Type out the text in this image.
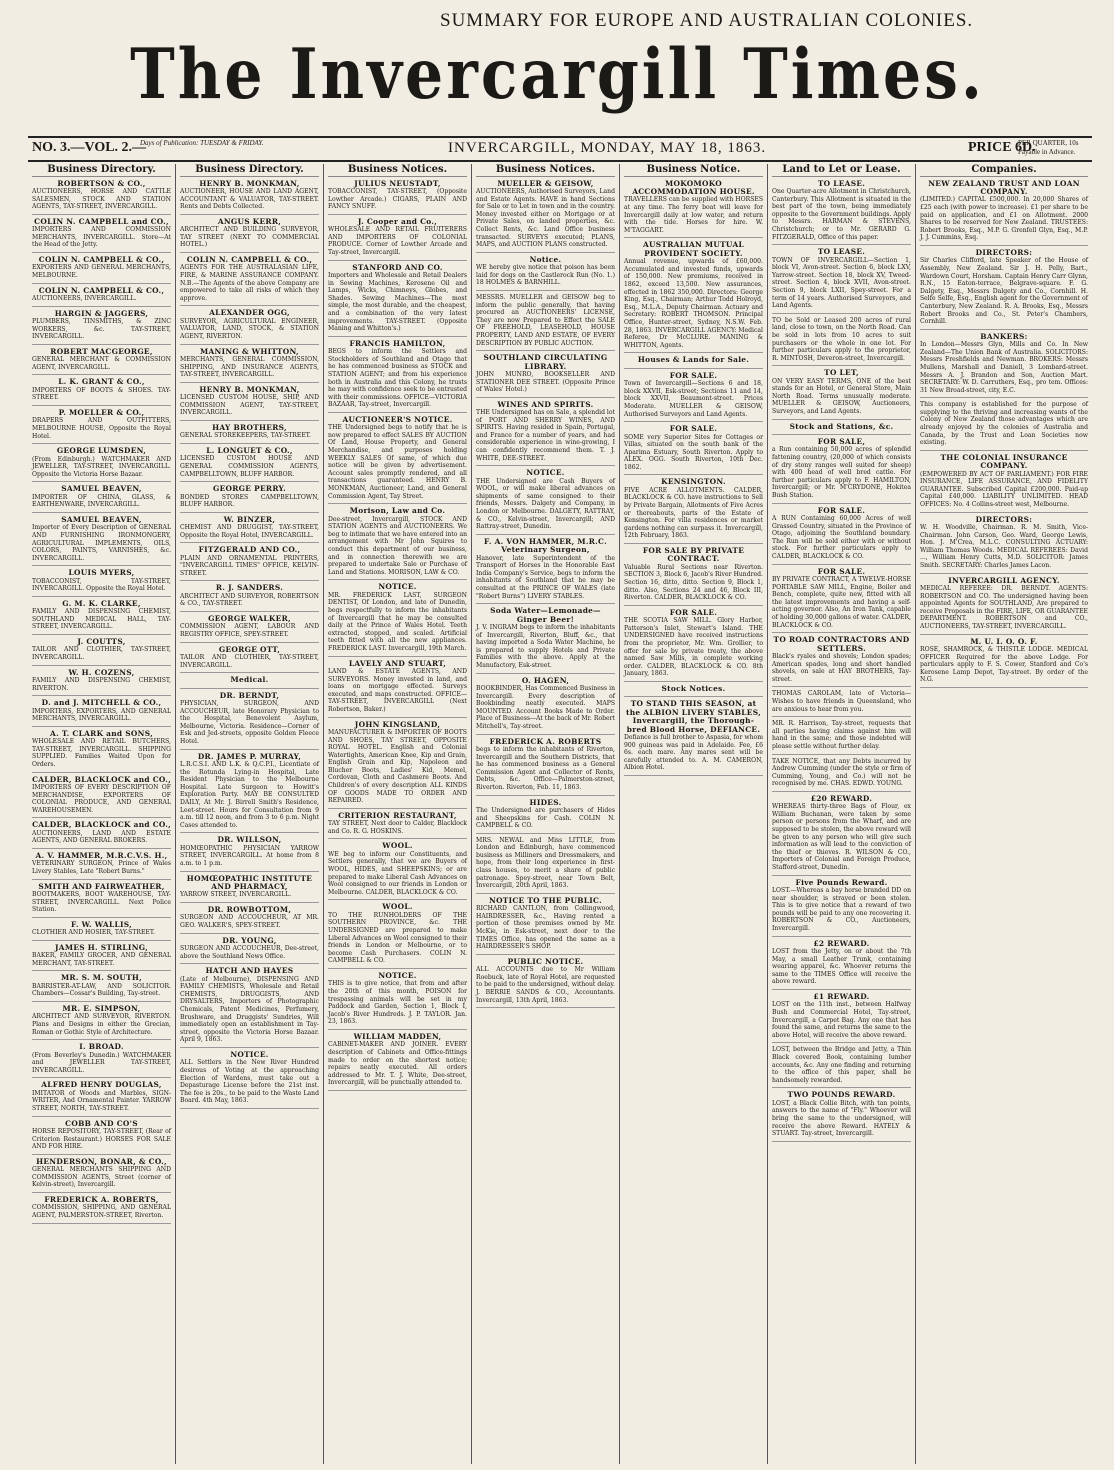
SUMMARY FOR EUROPE AND AUSTRALIAN COLONIES.
The Invercargill Times.
NO. 3.—VOL. 2.—
Days of Publication: TUESDAY & FRIDAY.	INVERCARGILL, MONDAY, MAY 18, 1863.	PRICE 6D.
PER QUARTER, 10s Payable in Advance.
Business Directory.
ROBERTSON & CO.,
AUCTIONEERS, HORSE AND CATTLE SALESMEN, STOCK AND STATION AGENTS, TAY-STREET, INVERCARGILL.
COLIN N. CAMPBELL and CO.,
IMPORTERS AND COMMISSION MERCHANTS, INVERCARGILL. Store—At the Head of the Jetty.
COLIN N. CAMPBELL & CO.,
EXPORTERS AND GENERAL MERCHANTS, MELBOURNE.
COLIN N. CAMPBELL & CO.,
AUCTIONEERS, INVERCARGILL.
HARGIN & JAGGERS,
PLUMBERS, TINSMITHS, & ZINC WORKERS, &c. TAY-STREET, INVERCARGILL.
ROBERT MACGEORGE,
GENERAL MERCHANT & COMMISSION AGENT, INVERCARGILL.
L. K. GRANT & CO.,
IMPORTERS OF BOOTS & SHOES. TAY-STREET.
P. MOELLER & CO.,
DRAPERS AND OUTFITTERS, MELBOURNE HOUSE, Opposite the Royal Hotel.
GEORGE LUMSDEN,
(From Edinburgh.) WATCHMAKER AND JEWELLER, TAY-STREET, INVERCARGILL. Opposite the Victoria Horse Bazaar.
SAMUEL BEAVEN,
IMPORTER OF CHINA, GLASS, & EARTHENWARE, INVERCARGILL.
SAMUEL BEAVEN,
Importer of Every Description of GENERAL AND FURNISHING IRONMONGERY, AGRICULTURAL IMPLEMENTS, OILS, COLORS, PAINTS, VARNISHES, &c. INVERCARGILL.
LOUIS MYERS,
TOBACCONIST, TAY-STREET, INVERCARGILL. Opposite the Royal Hotel.
G. M. K. CLARKE,
FAMILY AND DISPENSING CHEMIST, SOUTHLAND MEDICAL HALL, TAY-STREET, INVERCARGILL.
J. COUTTS,
TAILOR AND CLOTHIER, TAY-STREET, INVERCARGILL.
W. H. COZENS,
FAMILY AND DISPENSING CHEMIST, RIVERTON.
D. and J. MITCHELL & CO.,
IMPORTERS, EXPORTERS, AND GENERAL MERCHANTS, INVERCARGILL.
A. T. CLARK and SONS,
WHOLESALE AND RETAIL BUTCHERS, TAY-STREET, INVERCARGILL. SHIPPING SUPPLIED. Families Waited Upon for Orders.
CALDER, BLACKLOCK and CO.,
IMPORTERS OF EVERY DESCRIPTION OF MERCHANDISE, EXPORTERS OF COLONIAL PRODUCE, AND GENERAL WAREHOUSEMEN.
CALDER, BLACKLOCK and CO.,
AUCTIONEERS, LAND AND ESTATE AGENTS, AND GENERAL BROKERS.
A. V. HAMMER, M.R.C.V.S. H.,
VETERINARY SURGEON, Prince of Wales Livery Stables, Late "Robert Burns."
SMITH AND FAIRWEATHER,
BOOTMAKERS, BOOT WAREHOUSE, TAY-STREET, INVERCARGILL. Next Police Station.
F. W. WALLIS,
CLOTHIER AND HOSIER, TAY-STREET.
JAMES H. STIRLING,
BAKER, FAMILY GROCER, AND GENERAL MERCHANT, TAY-STREET.
MR. S. M. SOUTH,
BARRISTER-AT-LAW, AND SOLICITOR. Chambers—Cossar's Building, Tay-street.
MR. E. SIMPSON,
ARCHITECT AND SURVEYOR, RIVERTON. Plans and Designs in either the Grecian, Roman or Gothic Style of Architecture.
I. BROAD.
(From Beverley's Dunedin.) WATCHMAKER and JEWELLER TAY-STREET, INVERCARGILL.
ALFRED HENRY DOUGLAS,
IMITATOR of Woods and Marbles, SIGN-WRITER, And Ornamental Painter. YARROW STREET, NORTH, TAY-STREET.
COBB AND CO'S
HORSE REPOSITORY, TAY-STREET, (Rear of Criterion Restaurant.) HORSES FOR SALE AND FOR HIRE.
HENDERSON, BONAR, & CO.,
GENERAL MERCHANTS SHIPPING AND COMMISSION AGENTS, Street (corner of Kelvin-street), Invercargill.
FREDERICK A. ROBERTS,
COMMISSION, SHIPPING, AND GENERAL AGENT, PALMERSTON-STREET, Riverton.
Business Directory.
HENRY B. MONKMAN,
AUCTIONEER, HOUSE AND LAND AGENT, ACCOUNTANT & VALUATOR, TAY-STREET. Rents and Debts Collected.
ANGUS KERR,
ARCHITECT AND BUILDING SURVEYOR, TAY STREET (NEXT TO COMMERCIAL HOTEL.)
COLIN N. CAMPBELL & CO.,
AGENTS FOR THE AUSTRALASIAN LIFE, FIRE, & MARINE ASSURANCE COMPANY. N.B.—The Agents of the above Company are empowered to take all risks of which they approve.
ALEXANDER OGG,
SURVEYOR, AGRICULTURAL ENGINEER, VALUATOR, LAND, STOCK, & STATION AGENT, RIVERTON.
MANING & WHITTON,
MERCHANTS, GENERAL COMMISSION, SHIPPING, AND INSURANCE AGENTS, TAY-STREET, INVERCARGILL.
HENRY B. MONKMAN,
LICENSED CUSTOM HOUSE, SHIP, AND COMMISSION AGENT, TAY-STREET, INVERCARGILL.
HAY BROTHERS,
GENERAL STOREKEEPERS, TAY-STREET.
L. LONGUET & CO.,
LICENSED CUSTOM HOUSE AND GENERAL COMMISSION AGENTS, CAMPBELLTOWN, BLUFF HARBOR.
GEORGE PERRY.
BONDED STORES CAMPBELLTOWN, BLUFF HARBOR.
W. BINZER,
CHEMIST AND DRUGGIST, TAY-STREET, Opposite the Royal Hotel, INVERCARGILL.
FITZGERALD AND CO.,
PLAIN AND ORNAMENTAL PRINTERS, "INVERCARGILL TIMES" OFFICE, KELVIN-STREET.
R. J. SANDERS.
ARCHITECT AND SURVEYOR, ROBERTSON & CO., TAY-STREET.
GEORGE WALKER,
COMMISSION AGENT, LABOUR AND REGISTRY OFFICE, SPEY-STREET.
GEORGE OTT,
TAILOR AND CLOTHIER, TAY-STREET, INVERCARGILL.
Medical.
DR. BERNDT,
PHYSICIAN, SURGEON, AND ACCOUCHEUR, late Honorary Physician to the Hospital, Benevolent Asylum, Melbourne, Victoria. Residence—Corner of Esk and Jed-streets, opposite Golden Fleece Hotel.
DR. JAMES P. MURRAY,
L.R.C.S.I. AND L.K. & Q.C.P.I., Licentiate of the Rotunda Lying-in Hospital, Late Resident Physician to the Melbourne Hospital. Late Surgeon to Howitt's Exploration Party. MAY BE CONSULTED DAILY, At Mr. J. Birrell Smith's Residence, Leet-street. Hours for Consultation from 9 a.m. till 12 noon, and from 3 to 6 p.m. Night Cases attended to.
DR. WILLSON,
HOMŒOPATHIC PHYSICIAN YARROW STREET, INVERCARGILL. At home from 8 a.m. to 1 p.m.
HOMŒOPATHIC INSTITUTE AND PHARMACY,
YARROW STREET, INVERCARGILL.
DR. ROWBOTTOM,
SURGEON AND ACCOUCHEUR, AT MR. GEO. WALKER'S, SPEY-STREET.
DR. YOUNG,
SURGEON AND ACCOUCHEUR, Dee-street, above the Southland News Office.
HATCH AND HAYES
(Late of Melbourne), DISPENSING AND FAMILY CHEMISTS, Wholesale and Retail CHEMISTS, DRUGGISTS, AND DRYSALTERS, Importers of Photographic Chemicals, Patent Medicines, Perfumery, Brushware, and Druggists' Sundries, Will immediately open an establishment in Tay-street, opposite the Victoria Horse Bazaar. April 9, 1863.
NOTICE.
ALL Settlers in the New River Hundred desirous of Voting at the approaching Election of Wardens, must take out a Depasturage License before the 21st inst. The fee is 20s., to be paid to the Waste Land Board. 4th May, 1863.
Business Notices.
JULIUS NEUSTADT,
TOBACCONIST, TAY-STREET, (Opposite Lowther Arcade.) CIGARS, PLAIN AND FANCY SNUFF.
J. Cooper and Co.,
WHOLESALE AND RETAIL FRUITERERS AND IMPORTERS OF COLONIAL PRODUCE. Corner of Lowther Arcade and Tay-street, Invercargill.
STANFORD AND CO.
Importers and Wholesale and Retail Dealers in Sewing Machines, Kerosene Oil and Lamps, Wicks, Chimneys, Globes, and Shades. Sewing Machines—The most simple, the most durable, and the cheapest, and a combination of the very latest improvements. TAY-STREET. (Opposite Maning and Whitton's.)
FRANCIS HAMILTON,
BEGS to inform the Settlers and Stockholders of Southland and Otago that he has commenced business as STOCK and STATION AGENT; and from his experience both in Australia and this Colony, he trusts he may with confidence seek to be entrusted with their commissions. OFFICE—VICTORIA BAZAAR, Tay-street, Invercargill.
AUCTIONEER'S NOTICE.
THE Undersigned begs to notify that he is now prepared to effect SALES BY AUCTION Of Land, House Property, and General Merchandise, and purposes holding WEEKLY SALES Of same, of which due notice will be given by advertisement. Account sales promptly rendered, and all transactions guaranteed. HENRY B. MONKMAN, Auctioneer, Land, and General Commission Agent, Tay Street.
Morison, Law and Co.
Dee-street, Invercargill, STOCK AND STATION AGENTS and AUCTIONEERS. We beg to intimate that we have entered into an arrangement with Mr John Squires to conduct this department of our business, and in connection therewith we are prepared to undertake Sale or Purchase of Land and Stations. MORISON, LAW & CO.
NOTICE.
MR. FREDERICK LAST, SURGEON DENTIST, Of London, and late of Dunedin, begs respectfully to inform the inhabitants of Invercargill that he may be consulted daily at the Prince of Wales Hotel. Teeth extracted, stopped, and scaled. Artificial teeth fitted with all the new appliances. FREDERICK LAST. Invercargill, 19th March.
LAVELY AND STUART,
LAND & ESTATE AGENTS, AND SURVEYORS. Money invested in land, and loans on mortgage effected. Surveys executed, and maps constructed. OFFICE—TAY-STREET, INVERCARGILL (Next Robertson, Baker.)
JOHN KINGSLAND,
MANUFACTURER & IMPORTER OF BOOTS AND SHOES, TAY STREET, OPPOSITE ROYAL HOTEL. English and Colonial Watertights, American Knee, Kip and Grain, English Grain and Kip, Napoleon and Blucher Boots, Ladies' Kid, Memel, Cordovan, Cloth and Cashmere Boots. And Children's of every description ALL KINDS OF GOODS MADE TO ORDER AND REPAIRED.
CRITERION RESTAURANT,
TAY STREET, Next door to Calder, Blacklock and Co. R. G. HOSKINS.
WOOL.
WE beg to inform our Constituents, and Settlers generally, that we are Buyers of WOOL, HIDES, and SHEEPSKINS; or are prepared to make Liberal Cash Advances on Wool consigned to our friends in London or Melbourne. CALDER, BLACKLOCK & CO.
WOOL.
TO THE RUNHOLDERS OF THE SOUTHERN PROVINCE, &c. THE UNDERSIGNED are prepared to make Liberal Advances on Wool consigned to their friends in London or Melbourne, or to become Cash Purchasers. COLIN N. CAMPBELL & CO.
NOTICE.
THIS is to give notice, that from and after the 20th of this month, POISON for trespassing animals will be set in my Paddock and Garden, Section 1, Block I, Jacob's River Hundreds. J. P. TAYLOR. Jan. 23, 1863.
WILLIAM MADDEN,
CABINET-MAKER AND JOINER. EVERY description of Cabinets and Office-fittings made to order on the shortest notice; repairs neatly executed. All orders addressed to Mr. T. J. White, Dee-street, Invercargill, will be punctually attended to.
Business Notices.
MUELLER & GEISOW,
AUCTIONEERS, Authorised Surveyors, Land and Estate Agents. HAVE in hand Sections for Sale or to Let in town and in the country. Money invested either on Mortgage or at Private Sales, on landed properties, &c. Collect Rents, &c. Land Office business transacted. SURVEYS executed; PLANS, MAPS, and AUCTION PLANS constructed.
Notice.
WE hereby give notice that poison has been laid for dogs on the Castlerock Run (No. 1.) 18 HOLMES & BARNHILL.
MESSRS. MUELLER and GEISOW beg to inform the public generally, that having procured an AUCTIONEERS' LICENSE, They are now Prepared to Effect the SALE OF FREEHOLD, LEASEHOLD, HOUSE PROPERTY, LAND AND ESTATE, OF EVERY DESCRIPTION BY PUBLIC AUCTION.
SOUTHLAND CIRCULATING LIBRARY.
JOHN MUNRO, BOOKSELLER AND STATIONER DEE STREET. (Opposite Prince of Wales' Hotel.)
WINES AND SPIRITS.
THE Undersigned has on Sale, a splendid lot of PORT AND SHERRY WINES, AND SPIRITS. Having resided in Spain, Portugal, and France for a number of years, and had considerable experience in wine-growing, I can confidently recommend them. T. J. WHITE, DEE-STREET.
NOTICE.
THE Undersigned are Cash Buyers of WOOL, or will make liberal advances on shipments of same consigned to their friends, Messrs. Dalgety and Company, in London or Melbourne. DALGETY, RATTRAY, & CO., Kelvin-street, Invercargill; AND Rattray-street, Dunedin.
F. A. VON HAMMER, M.R.C. Veterinary Surgeon,
Hanover, late Superintendent of the Transport of Horses in the Honorable East India Company's Service, begs to inform the inhabitants of Southland that he may be consulted at the PRINCE OF WALES (late "Robert Burns") LIVERY STABLES.
Soda Water—Lemonade—Ginger Beer!
J. V. INGRAM begs to inform the inhabitants of Invercargill, Riverton, Bluff, &c., that having imported a Soda Water Machine, he is prepared to supply Hotels and Private Families with the above. Apply at the Manufactory, Esk-street.
O. HAGEN,
BOOKBINDER, Has Commenced Business in Invercargill. Every description of Bookbinding neatly executed. MAPS MOUNTED. Account Books Made to Order. Place of Business—At the back of Mr. Robert Mitchell's, Tay-street.
FREDERICK A. ROBERTS
begs to inform the inhabitants of Riverton, Invercargill and the Southern Districts, that he has commenced business as a General Commission Agent and Collector of Rents, Debts, &c. Office—Palmerston-street, Riverton. Riverton, Feb. 11, 1863.
HIDES.
The Undersigned are purchasers of Hides and Sheepskins for Cash. COLIN N. CAMPBELL & CO.
MRS. NEWAL and Miss LITTLE, from London and Edinburgh, have commenced business as Milliners and Dressmakers, and hope, from their long experience in first-class houses, to merit a share of public patronage. Spey-street, near Town Belt, Invercargill, 20th April, 1863.
NOTICE TO THE PUBLIC.
RICHARD CANTLON, from Collingwood, HAIRDRESSER, &c., Having rented a portion of those premises owned by Mr. McKie, in Esk-street, next door to the TIMES Office, has opened the same as a HAIRDRESSER'S SHOP.
PUBLIC NOTICE.
ALL ACCOUNTS due to Mr William Roebuck, late of Royal Hotel, are requested to be paid to the undersigned, without delay. J. BERRIE SANDS & CO., Accountants. Invercargill, 13th April, 1863.
Business Notice.
MOKOMOKO ACCOMMODATION HOUSE.
TRAVELLERS can be supplied with HORSES at any time. The ferry boat will leave for Invercargill daily at low water, and return with the tide. Horses for hire. W. M'TAGGART.
AUSTRALIAN MUTUAL PROVIDENT SOCIETY.
Annual revenue, upwards of £60,000. Accumulated and invested funds, upwards of 150,000. New premiums, received in 1862, exceed 13,500. New assurances, effected in 1862 350,000. Directors: George King, Esq., Chairman; Arthur Todd Holroyd, Esq., M.L.A., Deputy Chairman. Actuary and Secretary: ROBERT THOMSON. Principal Office, Hunter-street, Sydney, N.S.W. Feb. 28, 1863. INVERCARGILL AGENCY: Medical Referee, Dr McCLURE. MANING & WHITTON, Agents.
Houses & Lands for Sale.
FOR SALE.
Town of Invercargill—Sections 6 and 18, block XXVII, Esk-street; Sections 11 and 14, block XXVII, Beaumont-street. Prices Moderate. MUELLER & GEISOW, Authorised Surveyors and Land Agents.
FOR SALE.
SOME very Superior Sites for Cottages or Villas, situated on the south bank of the Aparima Estuary, South Riverton. Apply to ALEX. OGG. South Riverton, 10th Dec. 1862.
KENSINGTON.
FIVE ACRE ALLOTMENTS. CALDER, BLACKLOCK & CO. have instructions to Sell by Private Bargain, Allotments of Five Acres or thereabouts, parts of the Estate of Kensington. For villa residences or market gardens nothing can surpass it. Invercargill, 12th February, 1863.
FOR SALE BY PRIVATE CONTRACT.
Valuable Rural Sections near Riverton. SECTION 3, Block 6, Jacob's River Hundred. Section 16, ditto, ditto. Section 9, Block 1, ditto. Also, Sections 24 and 46, Block III, Riverton. CALDER, BLACKLOCK & CO.
FOR SALE.
THE SCOTIA SAW MILL. Glory Harbor, Patterson's Inlet, Stewart's Island. THE UNDERSIGNED have received instructions from the proprietor, Mr. Wm. Grollier, to offer for sale by private treaty, the above named Saw Mills, in complete working order. CALDER, BLACKLOCK & CO. 8th January, 1863.
Stock Notices.
TO STAND THIS SEASON, at the ALBION LIVERY STABLES, Invercargill, the Thorough-bred Blood Horse, DEFIANCE.
Defiance is full brother to Aspasia, for whom 900 guineas was paid in Adelaide. Fee, £6 6s. each mare. Any mares sent will be carefully attended to. A. M. CAMERON, Albion Hotel.
Land to Let or Lease.
TO LEASE.
One Quarter-acre Allotment in Christchurch, Canterbury. This Allotment is situated in the best part of the town, being immediately opposite to the Government buildings. Apply to Messrs. HARMAN & STEVENS, Christchurch; or to Mr. GERARD G. FITZGERALD, Office of this paper.
TO LEASE.
TOWN OF INVERCARGILL—Section 1, block VI, Avon-street. Section 6, block LXV, Yarrow-street. Section 18, block XV, Tweed-street. Section 4, block XVII, Avon-street. Section 9, block LXII, Spey-street. For a term of 14 years. Authorised Surveyors, and Land Agents.
TO be Sold or Leased 200 acres of rural land, close to town, on the North Road. Can be sold in lots from 10 acres to suit purchasers or the whole in one lot. For further particulars apply to the proprietor, R. MINTOSH, Deveron-street, Invercargill.
TO LET,
ON VERY EASY TERMS, ONE of the best stands for an Hotel, or General Store, Main North Road. Terms unusually moderate. MUELLER & GEISOW, Auctioneers, Surveyors, and Land Agents.
Stock and Stations, &c.
FOR SALE,
a Run containing 50,000 acres of splendid fattening country, (20,000 of which consists of dry stony ranges well suited for sheep) with 400 head of well bred cattle. For further particulars apply to F. HAMILTON, Invercargill; or Mr. M'CRYDONE, Hokitea Bush Station.
FOR SALE.
A RUN Containing 60,000 Acres of well Grassed Country, situated in the Province of Otago, adjoining the Southland boundary. The Run will be sold either with or without stock. For further particulars apply to CALDER, BLACKLOCK & CO.
FOR SALE.
BY PRIVATE CONTRACT, A TWELVE-HORSE PORTABLE SAW MILL, Engine, Boiler and Bench, complete, quite new, fitted with all the latest improvements and having a self-acting governor. Also, An Iron Tank, capable of holding 30,000 gallons of water. CALDER, BLACKLOCK & CO.
TO ROAD CONTRACTORS AND SETTLERS.
Black's ryales and shovels; London spades; American spades, long and short handled shovels, on sale at HAY BROTHERS, Tay-street.
THOMAS CAROLAM, late of Victoria—Wishes to have friends in Queensland, who are anxious to hear from you.
MR. R. Harrison, Tay-street, requests that all parties having claims against him will hand in the same; and those indebted will please settle without further delay.
TAKE NOTICE, that any Debts incurred by Andrew Cumming (under the style or firm of Cumming, Young, and Co.) will not be recognised by me. CHAS. EDWD. YOUNG.
£20 REWARD.
WHEREAS thirty-three Bags of Flour, ex William Buchanan, were taken by some person or persons from the Wharf, and are supposed to be stolen, the above reward will be given to any person who will give such information as will lead to the conviction of the thief or thieves. R. WILSON & CO., Importers of Colonial and Foreign Produce, Stafford-street, Dunedin.
Five Pounds Reward.
LOST.—Whereas a bay horse branded DD on near shoulder, is strayed or been stolen. This is to give notice that a reward of two pounds will be paid to any one recovering it. ROBERTSON & CO., Auctioneers, Invercargill.
£2 REWARD.
LOST from the Jetty, on or about the 7th May, a small Leather Trunk, containing wearing apparel, &c. Whoever returns the same to the TIMES Office will receive the above reward.
£1 REWARD.
LOST on the 11th inst., between Halfway Bush and Commercial Hotel, Tay-street, Invercargill, a Carpet Bag. Any one that has found the same, and returns the same to the above Hotel, will receive the above reward.
LOST, between the Bridge and Jetty, a Thin Black covered Book, containing lumber accounts, &c. Any one finding and returning to the office of this paper, shall be handsomely rewarded.
TWO POUNDS REWARD.
LOST, a Black Collie Bitch, with tan points, answers to the name of "Fly." Whoever will bring the same to the undersigned, will receive the above Reward. HATELY & STUART. Tay-street, Invercargill.
Companies.
NEW ZEALAND TRUST AND LOAN COMPANY.
(LIMITED.) CAPITAL £500,000. In 20,000 Shares of £25 each (with power to increase). £1 per share to be paid on application, and £1 on Allotment. 2000 Shares to be reserved for New Zealand. TRUSTEES: Robert Brooks, Esq., M.P. G. Grenfell Glyn, Esq., M.P. J. J. Cummins, Esq.
DIRECTORS:
Sir Charles Clifford, late Speaker of the House of Assembly, New Zealand. Sir J. H. Pelly, Bart., Wardown Court, Horsham. Captain Henry Carr Glynn, R.N., 15 Eaton-terrace, Belgrave-square. F. G. Dalgety, Esq., Messrs Dalgety and Co., Cornhill. H. Selfe Selfe, Esq., English agent for the Government of Canterbury, New Zealand. R. A. Brooks, Esq., Messrs Robert Brooks and Co., St. Peter's Chambers, Cornhill.
BANKERS:
In London—Messrs Glyn, Mills and Co. In New Zealand—The Union Bank of Australia. SOLICITORS: Messrs Freshfields and Newman. BROKERS: Messrs Mullens, Marshall and Daniell, 3 Lombard-street. Messrs A. J. Brandon and Son, Auction Mart. SECRETARY: W. D. Carruthers, Esq., pro tem. Offices: 31 New Broad-street, city, E.C.
This company is established for the purpose of supplying to the thriving and increasing wants of the Colony of New Zealand those advantages which are already enjoyed by the colonies of Australia and Canada, by the Trust and Loan Societies now existing.
THE COLONIAL INSURANCE COMPANY.
(EMPOWERED BY ACT OF PARLIAMENT.) FOR FIRE INSURANCE, LIFE ASSURANCE, AND FIDELITY GUARANTEE. Subscribed Capital £200,000. Paid-up Capital £40,000. LIABILITY UNLIMITED. HEAD OFFICES: No. 4 Collins-street west, Melbourne.
DIRECTORS:
W. H. Woodville, Chairman. R. M. Smith, Vice-Chairman. John Carson, Geo. Ward, George Lewis, Hon. J. M'Crea, M.L.C. CONSULTING ACTUARY: William Thomas Woods. MEDICAL REFEREES: David ..., William Henry Cutts, M.D. SOLICITOR: James Smith. SECRETARY: Charles James Lacon.
INVERCARGILL AGENCY.
MEDICAL REFEREE: DR. BERNDT. AGENTS: ROBERTSON and CO. The undersigned having been appointed Agents for SOUTHLAND, Are prepared to receive Proposals in the FIRE, LIFE, OR GUARANTEE DEPARTMENT. ROBERTSON and CO., AUCTIONEERS, TAY-STREET, INVERCARGILL.
M. U. I. O. O. F.
ROSE, SHAMROCK, & THISTLE LODGE. MEDICAL OFFICER Required for the above Lodge. For particulars apply to F. S. Cower, Stanford and Co's Kerosene Lamp Depot, Tay-street. By order of the N.G.
